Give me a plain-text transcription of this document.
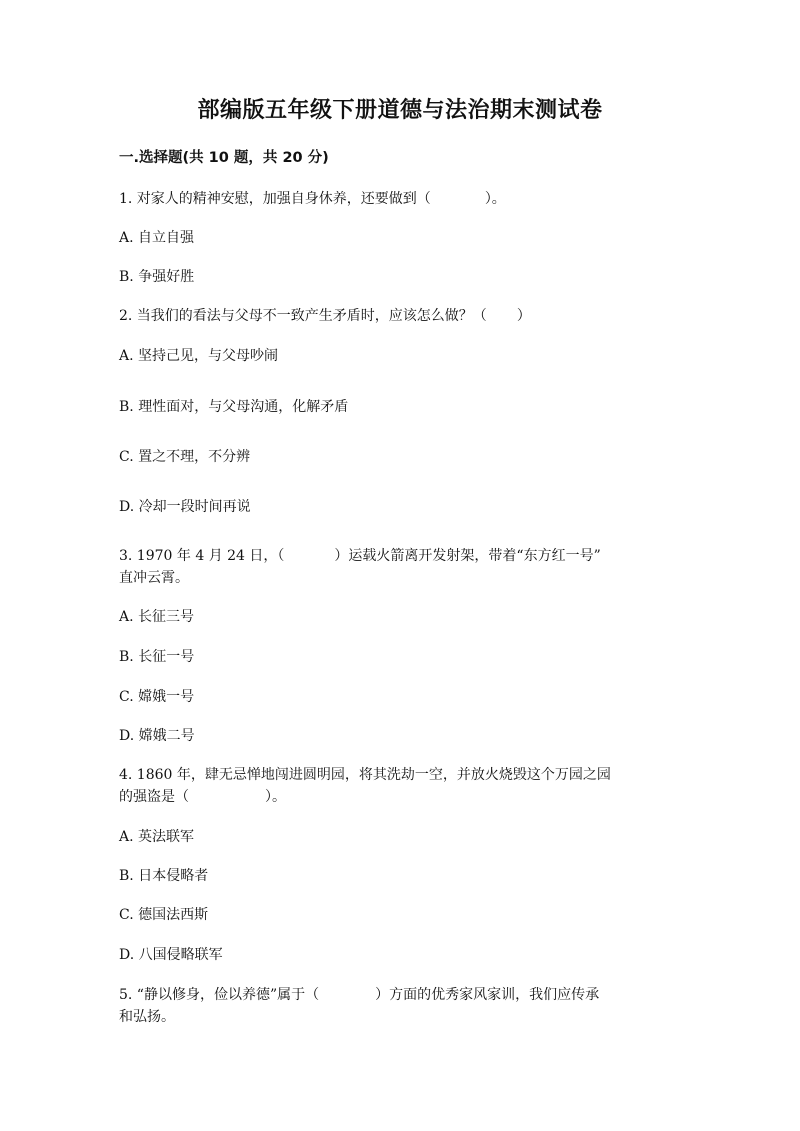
部编版五年级下册道德与法治期末测试卷
一.选择题(共 10 题，共 20 分)
1. 对家人的精神安慰，加强自身休养，还要做到（	）。
A. 自立自强
B. 争强好胜
2. 当我们的看法与父母不一致产生矛盾时，应该怎么做？（ ）
A. 坚持己见，与父母吵闹
B. 理性面对，与父母沟通，化解矛盾
C. 置之不理，不分辨
D. 冷却一段时间再说
3. 1970 年 4 月 24 日，（	）运载火箭离开发射架，带着“东方红一号”
直冲云霄。
A. 长征三号
B. 长征一号
C. 嫦娥一号
D. 嫦娥二号
4. 1860 年，肆无忌惮地闯进圆明园，将其洗劫一空，并放火烧毁这个万园之园
的强盗是（	）。
A. 英法联军
B. 日本侵略者
C. 德国法西斯
D. 八国侵略联军
5. “静以修身，俭以养德”属于（	）方面的优秀家风家训，我们应传承
和弘扬。
